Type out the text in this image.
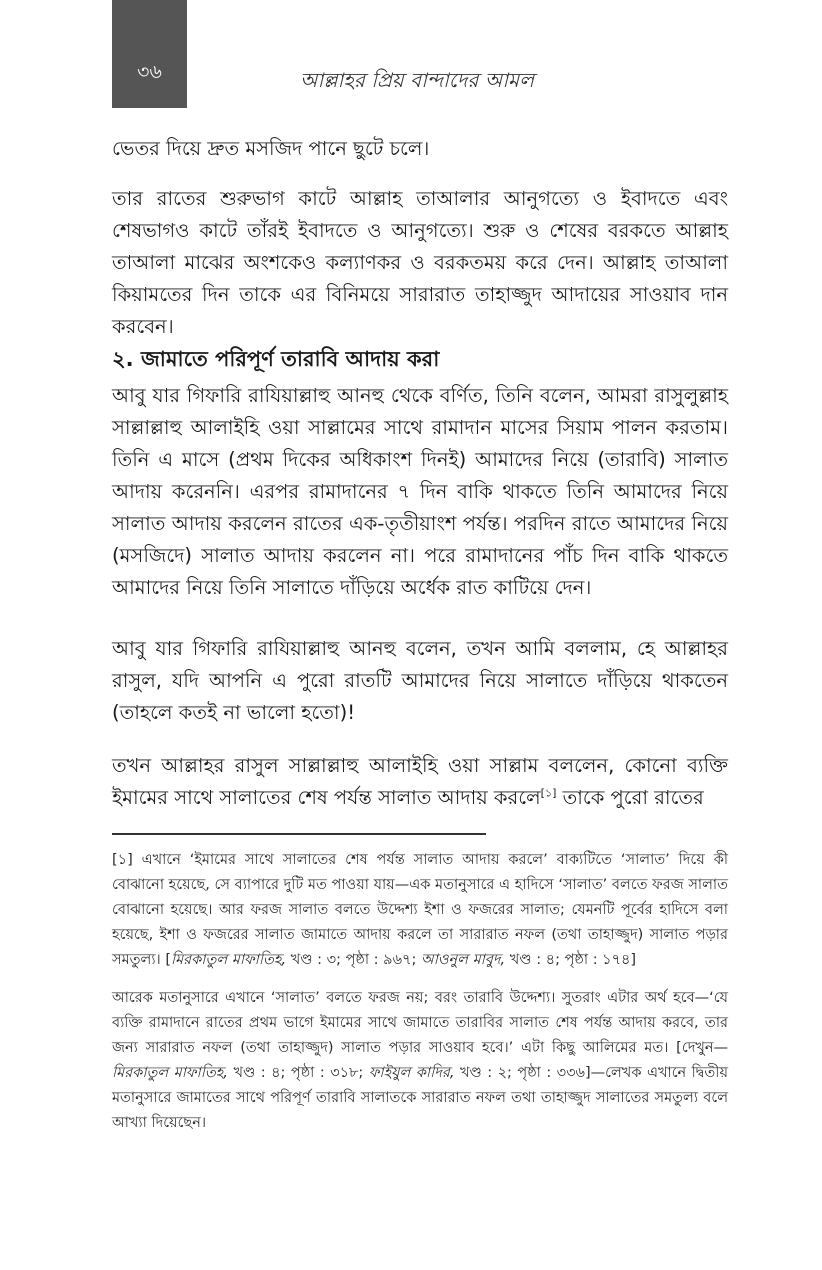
৩৬	আল্লাহর প্রিয় বান্দাদের আমল

ভেতর দিয়ে দ্রুত মসজিদ পানে ছুটে চলে।

তার রাতের শুরুভাগ কাটে আল্লাহ তাআলার আনুগত্যে ও ইবাদতে এবং শেষভাগও কাটে তাঁরই ইবাদতে ও আনুগত্যে। শুরু ও শেষের বরকতে আল্লাহ তাআলা মাঝের অংশকেও কল্যাণকর ও বরকতময় করে দেন। আল্লাহ তাআলা কিয়ামতের দিন তাকে এর বিনিময়ে সারারাত তাহাজ্জুদ আদায়ের সাওয়াব দান করবেন।

২. জামাতে পরিপূর্ণ তারাবি আদায় করা

আবু যার গিফারি রাযিয়াল্লাহু আনহু থেকে বর্ণিত, তিনি বলেন, আমরা রাসুলুল্লাহ সাল্লাল্লাহু আলাইহি ওয়া সাল্লামের সাথে রামাদান মাসের সিয়াম পালন করতাম। তিনি এ মাসে (প্রথম দিকের অধিকাংশ দিনই) আমাদের নিয়ে (তারাবি) সালাত আদায় করেননি। এরপর রামাদানের ৭ দিন বাকি থাকতে তিনি আমাদের নিয়ে সালাত আদায় করলেন রাতের এক-তৃতীয়াংশ পর্যন্ত। পরদিন রাতে আমাদের নিয়ে (মসজিদে) সালাত আদায় করলেন না। পরে রামাদানের পাঁচ দিন বাকি থাকতে আমাদের নিয়ে তিনি সালাতে দাঁড়িয়ে অর্ধেক রাত কাটিয়ে দেন।

আবু যার গিফারি রাযিয়াল্লাহু আনহু বলেন, তখন আমি বললাম, হে আল্লাহর রাসুল, যদি আপনি এ পুরো রাতটি আমাদের নিয়ে সালাতে দাঁড়িয়ে থাকতেন (তাহলে কতই না ভালো হতো)!

তখন আল্লাহর রাসুল সাল্লাল্লাহু আলাইহি ওয়া সাল্লাম বললেন, কোনো ব্যক্তি ইমামের সাথে সালাতের শেষ পর্যন্ত সালাত আদায় করলে[১] তাকে পুরো রাতের

[১] এখানে ‘ইমামের সাথে সালাতের শেষ পর্যন্ত সালাত আদায় করলে’ বাক্যটিতে ‘সালাত’ দিয়ে কী বোঝানো হয়েছে, সে ব্যাপারে দুটি মত পাওয়া যায়—এক মতানুসারে এ হাদিসে ‘সালাত’ বলতে ফরজ সালাত বোঝানো হয়েছে। আর ফরজ সালাত বলতে উদ্দেশ্য ইশা ও ফজরের সালাত; যেমনটি পূর্বের হাদিসে বলা হয়েছে, ইশা ও ফজরের সালাত জামাতে আদায় করলে তা সারারাত নফল (তথা তাহাজ্জুদ) সালাত পড়ার সমতুল্য। [মিরকাতুল মাফাতিহ, খণ্ড : ৩; পৃষ্ঠা : ৯৬৭; আওনুল মাবুদ, খণ্ড : ৪; পৃষ্ঠা : ১৭৪]

আরেক মতানুসারে এখানে ‘সালাত’ বলতে ফরজ নয়; বরং তারাবি উদ্দেশ্য। সুতরাং এটার অর্থ হবে—‘যে ব্যক্তি রামাদানে রাতের প্রথম ভাগে ইমামের সাথে জামাতে তারাবির সালাত শেষ পর্যন্ত আদায় করবে, তার জন্য সারারাত নফল (তথা তাহাজ্জুদ) সালাত পড়ার সাওয়াব হবে।’ এটা কিছু আলিমের মত। [দেখুন—মিরকাতুল মাফাতিহ, খণ্ড : ৪; পৃষ্ঠা : ৩১৮; ফাইযুল কাদির, খণ্ড : ২; পৃষ্ঠা : ৩৩৬]—লেখক এখানে দ্বিতীয় মতানুসারে জামাতের সাথে পরিপূর্ণ তারাবি সালাতকে সারারাত নফল তথা তাহাজ্জুদ সালাতের সমতুল্য বলে আখ্যা দিয়েছেন।
